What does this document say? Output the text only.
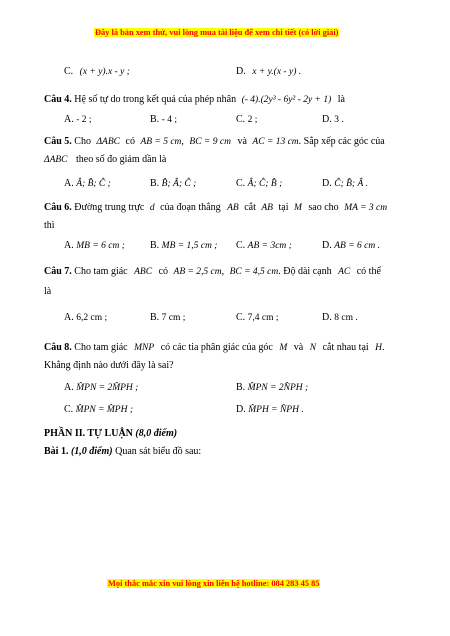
Đây là bản xem thử, vui lòng mua tài liệu để xem chi tiết (có lời giải)
C. (x + y).x - y ;	D. x + y.(x - y) .
Câu 4. Hệ số tự do trong kết quả của phép nhân (- 4).(2y³ - 6y² - 2y + 1) là
A. - 2 ;	B. - 4 ;	C. 2 ;	D. 3 .
Câu 5. Cho ΔABC có AB = 5 cm, BC = 9 cm và AC = 13 cm. Sắp xếp các góc của
ΔABC theo số đo giảm dần là
A. Â; B̂; Ĉ ;	B. B̂; Â; Ĉ ;	C. Â; Ĉ; B̂ ;	D. Ĉ; B̂; Â .
Câu 6. Đường trung trực d của đoạn thẳng AB cắt AB tại M sao cho MA = 3 cm
thì
A. MB = 6 cm ;	B. MB = 1,5 cm ; C. AB = 3cm ;	D. AB = 6 cm .
Câu 7. Cho tam giác ABC có AB = 2,5 cm, BC = 4,5 cm. Độ dài cạnh AC có thể
là
A. 6,2 cm ;	B. 7 cm ;	C. 7,4 cm ;	D. 8 cm .
Câu 8. Cho tam giác MNP có các tia phân giác của góc M và N cắt nhau tại H.
Khẳng định nào dưới đây là sai?
A. M̂PN = 2M̂PH ;	B. M̂PN = 2N̂PH ;
C. M̂PN = M̂PH ;	D. M̂PH = N̂PH .
PHẦN II. TỰ LUẬN (8,0 điểm)
Bài 1. (1,0 điểm) Quan sát biểu đồ sau:
Mọi thắc mắc xin vui lòng xin liên hệ hotline: 084 283 45 85
